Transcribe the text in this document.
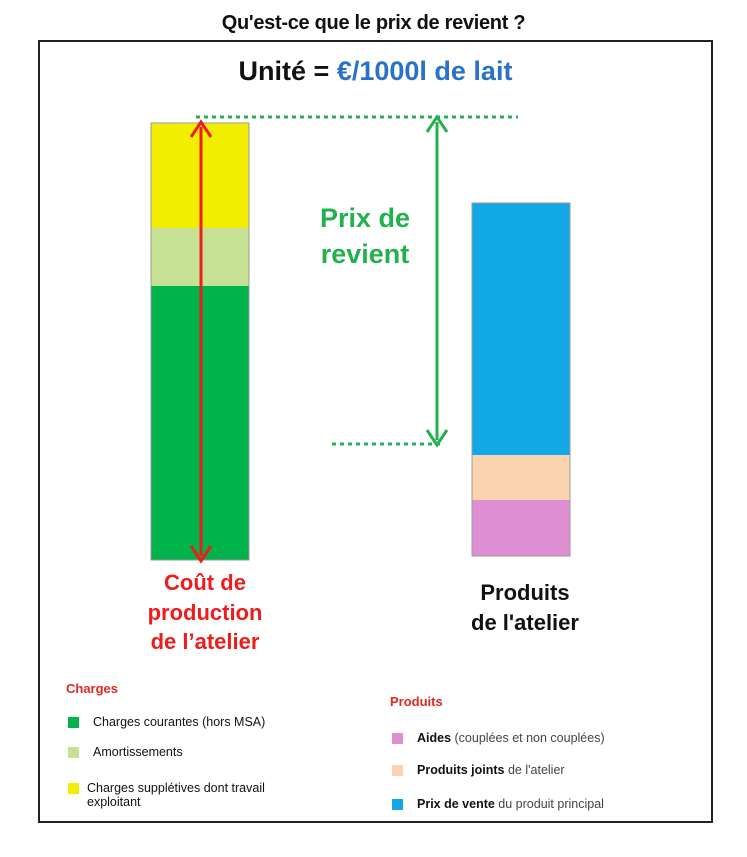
Qu'est-ce que le prix de revient ?
Unité = €/1000l de lait
Prix de
revient
Coût de
production
de l’atelier
Produits
de l'atelier
Charges
Charges courantes (hors MSA)
Amortissements
Charges supplétives dont travail
exploitant
Produits
Aides (couplées et non couplées)
Produits joints de l'atelier
Prix de vente du produit principal
